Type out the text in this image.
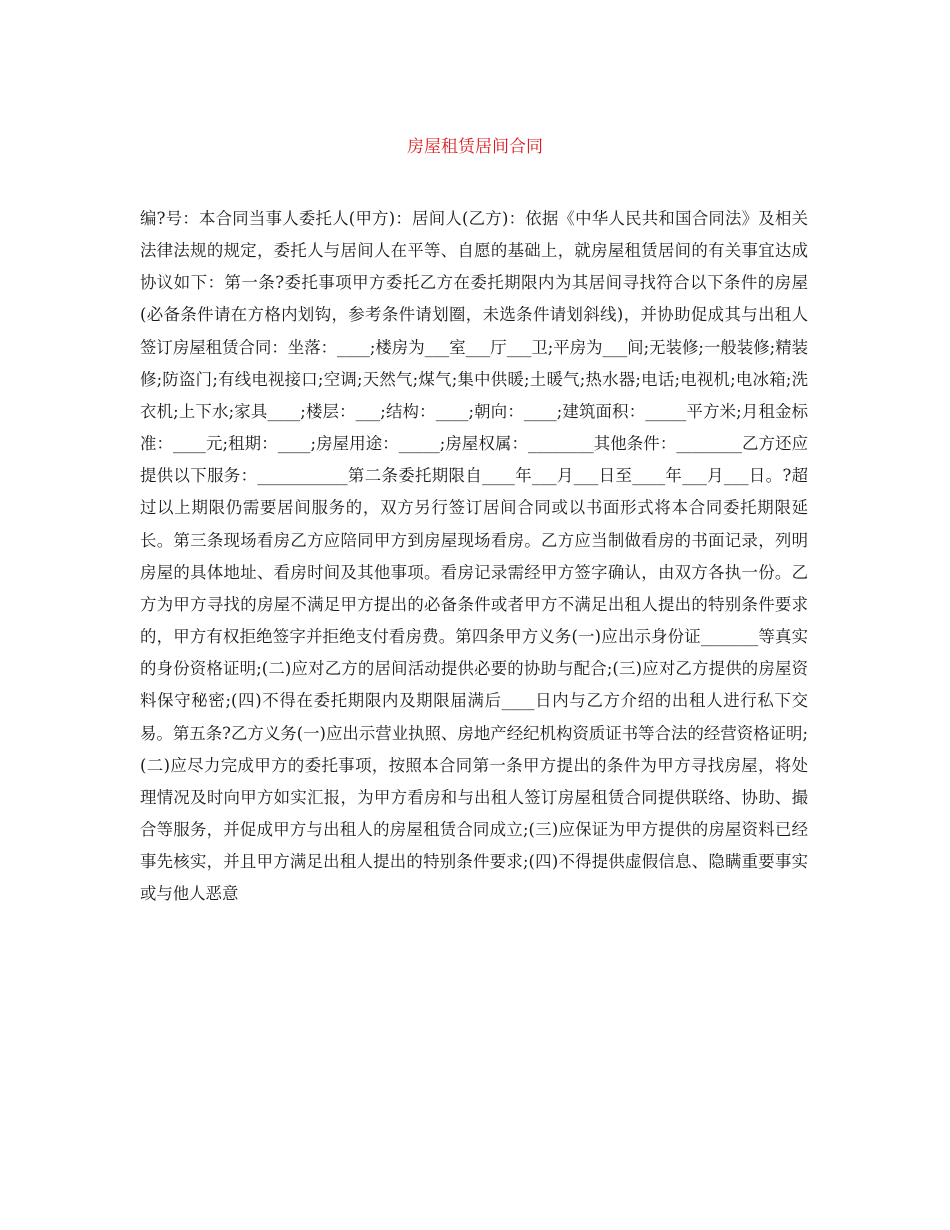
房屋租赁居间合同

编?号：本合同当事人委托人(甲方)：居间人(乙方)：依据《中华人民共和国合同法》及相关法律法规的规定，委托人与居间人在平等、自愿的基础上，就房屋租赁居间的有关事宜达成协议如下：第一条?委托事项甲方委托乙方在委托期限内为其居间寻找符合以下条件的房屋(必备条件请在方格内划钩，参考条件请划圈，未选条件请划斜线)，并协助促成其与出租人签订房屋租赁合同：坐落：____;楼房为___室___厅___卫;平房为___间;无装修;一般装修;精装修;防盗门;有线电视接口;空调;天然气;煤气;集中供暖;土暖气;热水器;电话;电视机;电冰箱;洗衣机;上下水;家具____;楼层：___;结构：____;朝向：____;建筑面积：_____平方米;月租金标准：____元;租期：____;房屋用途：_____;房屋权属：________其他条件：________乙方还应提供以下服务：___________第二条委托期限自____年___月___日至____年___月___日。?超过以上期限仍需要居间服务的，双方另行签订居间合同或以书面形式将本合同委托期限延长。第三条现场看房乙方应陪同甲方到房屋现场看房。乙方应当制做看房的书面记录，列明房屋的具体地址、看房时间及其他事项。看房记录需经甲方签字确认，由双方各执一份。乙方为甲方寻找的房屋不满足甲方提出的必备条件或者甲方不满足出租人提出的特别条件要求的，甲方有权拒绝签字并拒绝支付看房费。第四条甲方义务(一)应出示身份证_______等真实的身份资格证明;(二)应对乙方的居间活动提供必要的协助与配合;(三)应对乙方提供的房屋资料保守秘密;(四)不得在委托期限内及期限届满后____日内与乙方介绍的出租人进行私下交易。第五条?乙方义务(一)应出示营业执照、房地产经纪机构资质证书等合法的经营资格证明;(二)应尽力完成甲方的委托事项，按照本合同第一条甲方提出的条件为甲方寻找房屋，将处理情况及时向甲方如实汇报，为甲方看房和与出租人签订房屋租赁合同提供联络、协助、撮合等服务，并促成甲方与出租人的房屋租赁合同成立;(三)应保证为甲方提供的房屋资料已经事先核实，并且甲方满足出租人提出的特别条件要求;(四)不得提供虚假信息、隐瞒重要事实或与他人恶意
